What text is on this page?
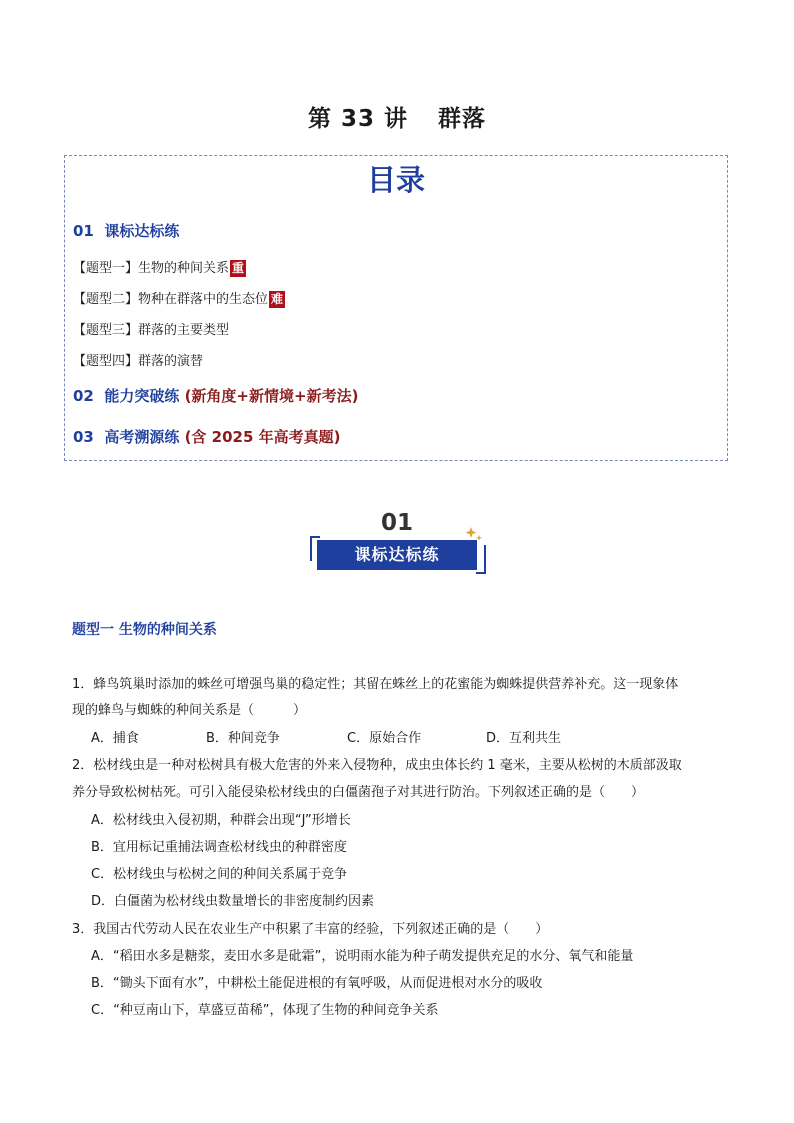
第 33 讲 群落
目录
01 课标达标练
【题型一】生物的种间关系 重
【题型二】物种在群落中的生态位 难
【题型三】群落的主要类型
【题型四】群落的演替
02 能力突破练 (新角度+新情境+新考法)
03 高考溯源练 (含 2025 年高考真题)
01
课标达标练
题型一 生物的种间关系
1．蜂鸟筑巢时添加的蛛丝可增强鸟巢的稳定性；其留在蛛丝上的花蜜能为蜘蛛提供营养补充。这一现象体
现的蜂鸟与蜘蛛的种间关系是（　　　）
A．捕食	B．种间竞争	C．原始合作	D．互利共生
2．松材线虫是一种对松树具有极大危害的外来入侵物种，成虫虫体长约 1 毫米，主要从松树的木质部汲取
养分导致松树枯死。可引入能侵染松材线虫的白僵菌孢子对其进行防治。下列叙述正确的是（　　）
A．松材线虫入侵初期，种群会出现“J”形增长
B．宜用标记重捕法调查松材线虫的种群密度
C．松材线虫与松树之间的种间关系属于竞争
D．白僵菌为松材线虫数量增长的非密度制约因素
3．我国古代劳动人民在农业生产中积累了丰富的经验，下列叙述正确的是（　　）
A．“稻田水多是糖浆，麦田水多是砒霜”，说明雨水能为种子萌发提供充足的水分、氧气和能量
B．“锄头下面有水”，中耕松土能促进根的有氧呼吸，从而促进根对水分的吸收
C．“种豆南山下，草盛豆苗稀”，体现了生物的种间竞争关系
